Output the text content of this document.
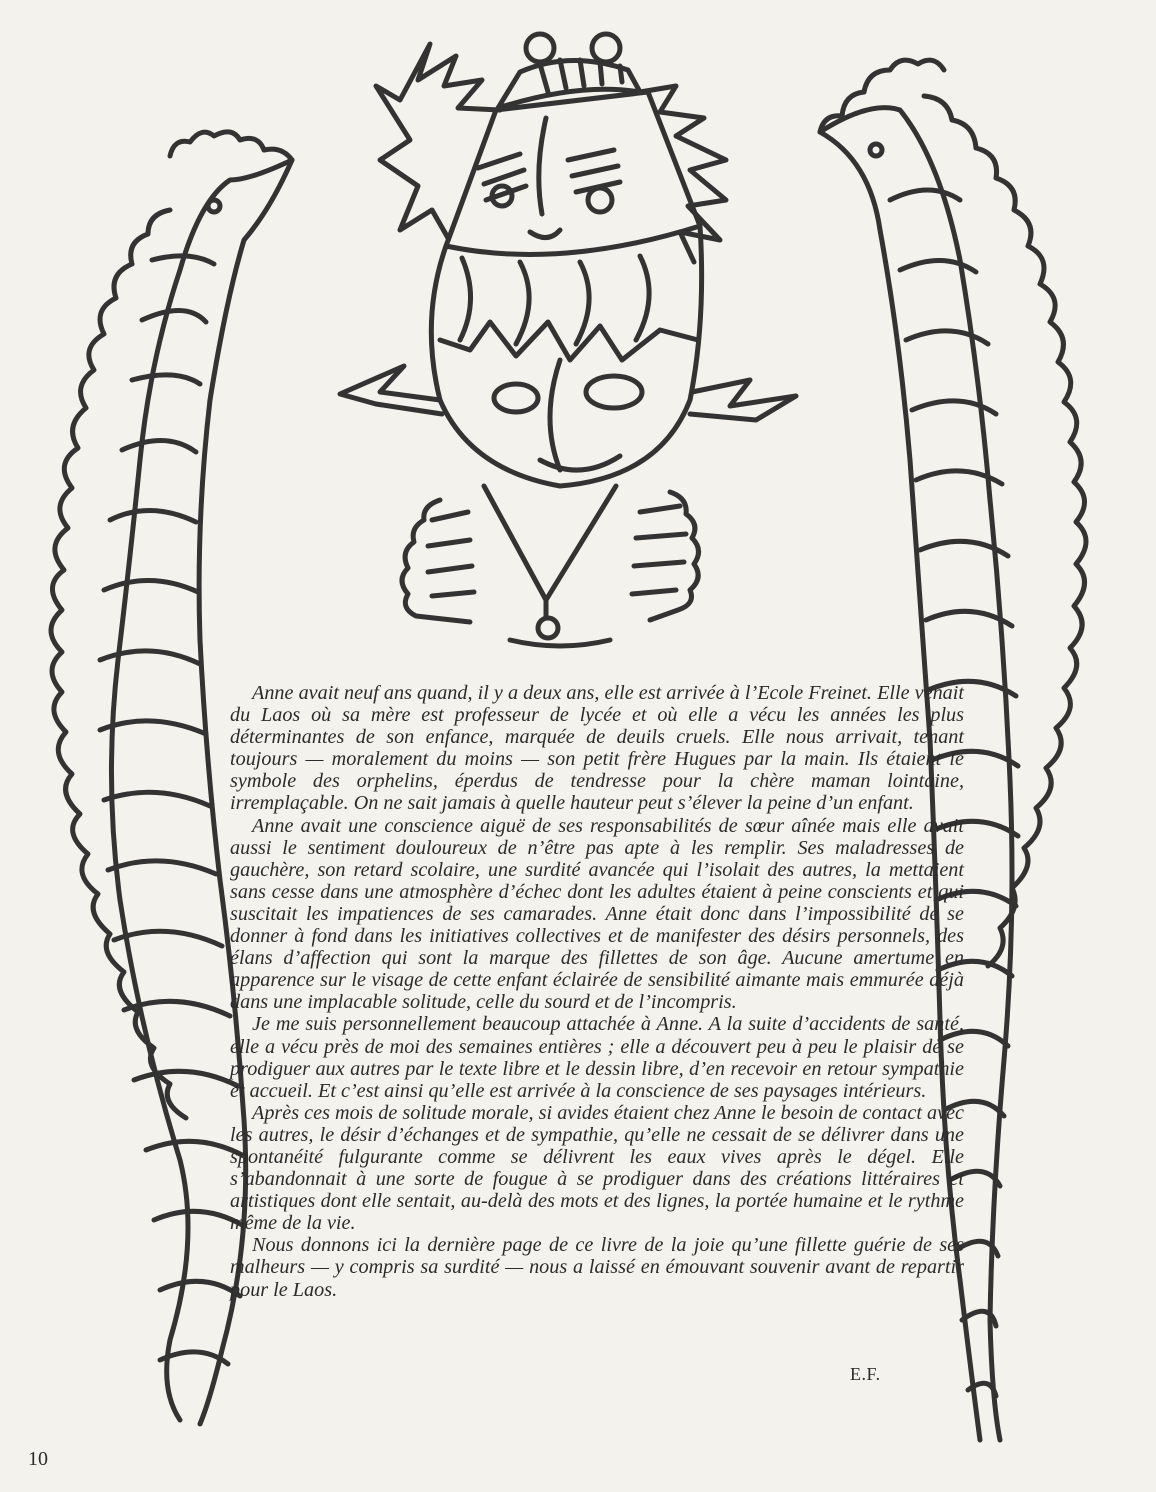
Anne avait neuf ans quand, il y a deux ans, elle est arrivée à l’Ecole Freinet. Elle venait du Laos où sa mère est professeur de lycée et où elle a vécu les années les plus déterminantes de son enfance, marquée de deuils cruels. Elle nous arrivait, tenant toujours — moralement du moins — son petit frère Hugues par la main. Ils étaient le symbole des orphelins, éperdus de tendresse pour la chère maman lointaine, irremplaçable. On ne sait jamais à quelle hauteur peut s’élever la peine d’un enfant.

Anne avait une conscience aiguë de ses responsabilités de sœur aînée mais elle avait aussi le sentiment douloureux de n’être pas apte à les remplir. Ses maladresses de gauchère, son retard scolaire, une surdité avancée qui l’isolait des autres, la mettaient sans cesse dans une atmosphère d’échec dont les adultes étaient à peine conscients et qui suscitait les impatiences de ses camarades. Anne était donc dans l’impossibilité de se donner à fond dans les initiatives collectives et de manifester des désirs personnels, des élans d’affection qui sont la marque des fillettes de son âge. Aucune amertume en apparence sur le visage de cette enfant éclairée de sensibilité aimante mais emmurée déjà dans une implacable solitude, celle du sourd et de l’incompris.

Je me suis personnellement beaucoup attachée à Anne. A la suite d’accidents de santé, elle a vécu près de moi des semaines entières ; elle a découvert peu à peu le plaisir de se prodiguer aux autres par le texte libre et le dessin libre, d’en recevoir en retour sympathie et accueil. Et c’est ainsi qu’elle est arrivée à la conscience de ses paysages intérieurs.

Après ces mois de solitude morale, si avides étaient chez Anne le besoin de contact avec les autres, le désir d’échanges et de sympathie, qu’elle ne cessait de se délivrer dans une spontanéité fulgurante comme se délivrent les eaux vives après le dégel. Elle s’abandonnait à une sorte de fougue à se prodiguer dans des créations littéraires et artistiques dont elle sentait, au-delà des mots et des lignes, la portée humaine et le rythme même de la vie.

Nous donnons ici la dernière page de ce livre de la joie qu’une fillette guérie de ses malheurs — y compris sa surdité — nous a laissé en émouvant souvenir avant de repartir pour le Laos.

E.F.
10
